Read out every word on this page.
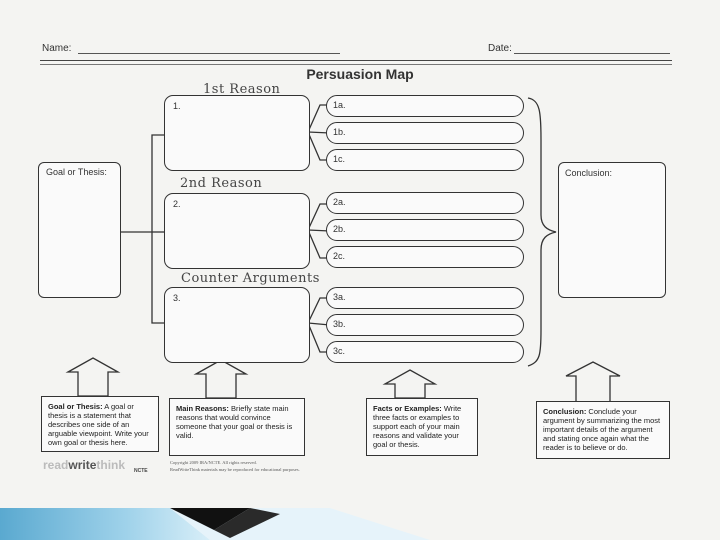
Name:	Date:
Persuasion Map
Goal or Thesis:
1.
1st Reason
2.
2nd Reason
3.
Counter Arguments
1a.
1b.
1c.
2a.
2b.
2c.
3a.
3b.
3c.
Conclusion:
Goal or Thesis: A goal or thesis is a statement that describes one side of an arguable viewpoint. Write your own goal or thesis here.
Main Reasons: Briefly state main reasons that would convince someone that your goal or thesis is valid.
Facts or Examples: Write three facts or examples to support each of your main reasons and validate your goal or thesis.
Conclusion: Conclude your argument by summarizing the most important details of the argument and stating once again what the reader is to believe or do.
readwritethink NCTE
Copyright 2009 IRA/NCTE. All rights reserved.
ReadWriteThink materials may be reproduced for educational purposes.
